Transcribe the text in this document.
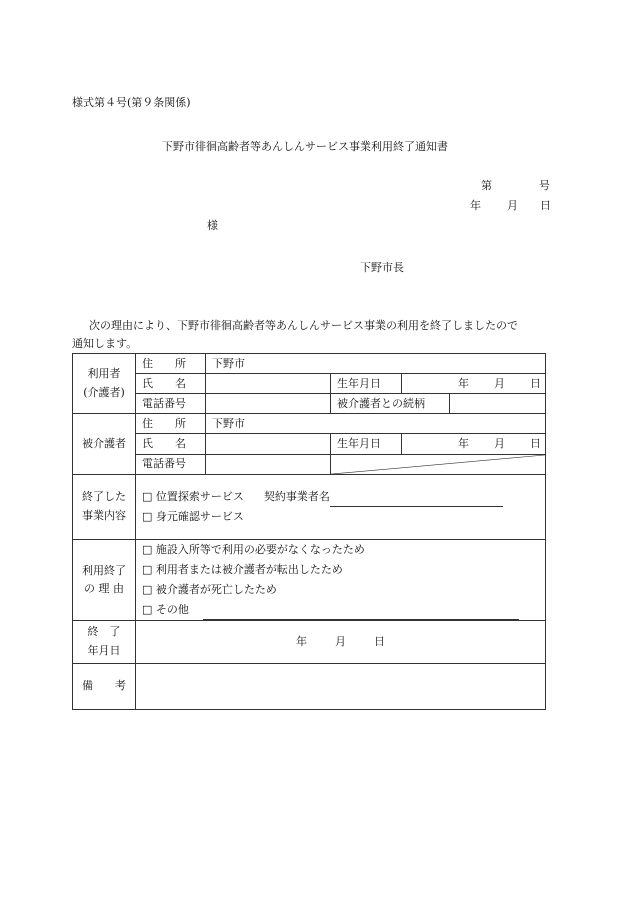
様式第４号(第９条関係)
下野市徘徊高齢者等あんしんサービス事業利用終了通知書
第	号
年 月 日
様
下野市長
次の理由により、下野市徘徊高齢者等あんしんサービス事業の利用を終了しましたので
通知します。
利用者
(介護者)	住　　所	下野市			
	氏　　名		生年月日	年 月 日	
	電話番号		被介護者との続柄		
被介護者	住　　所	下野市			
	氏　　名		生年月日	年 月 日	
	電話番号		

終了した
事業内容	□ 位置探索サービス 契約事業者名
□ 身元確認サービス				

利用終了
の 理 由	□ 施設入所等で利用の必要がなくなったため
□ 利用者または被介護者が転出したため
□ 被介護者が死亡したため
□ その他				

終　了
年月日	年 月 日				
備　　考					
